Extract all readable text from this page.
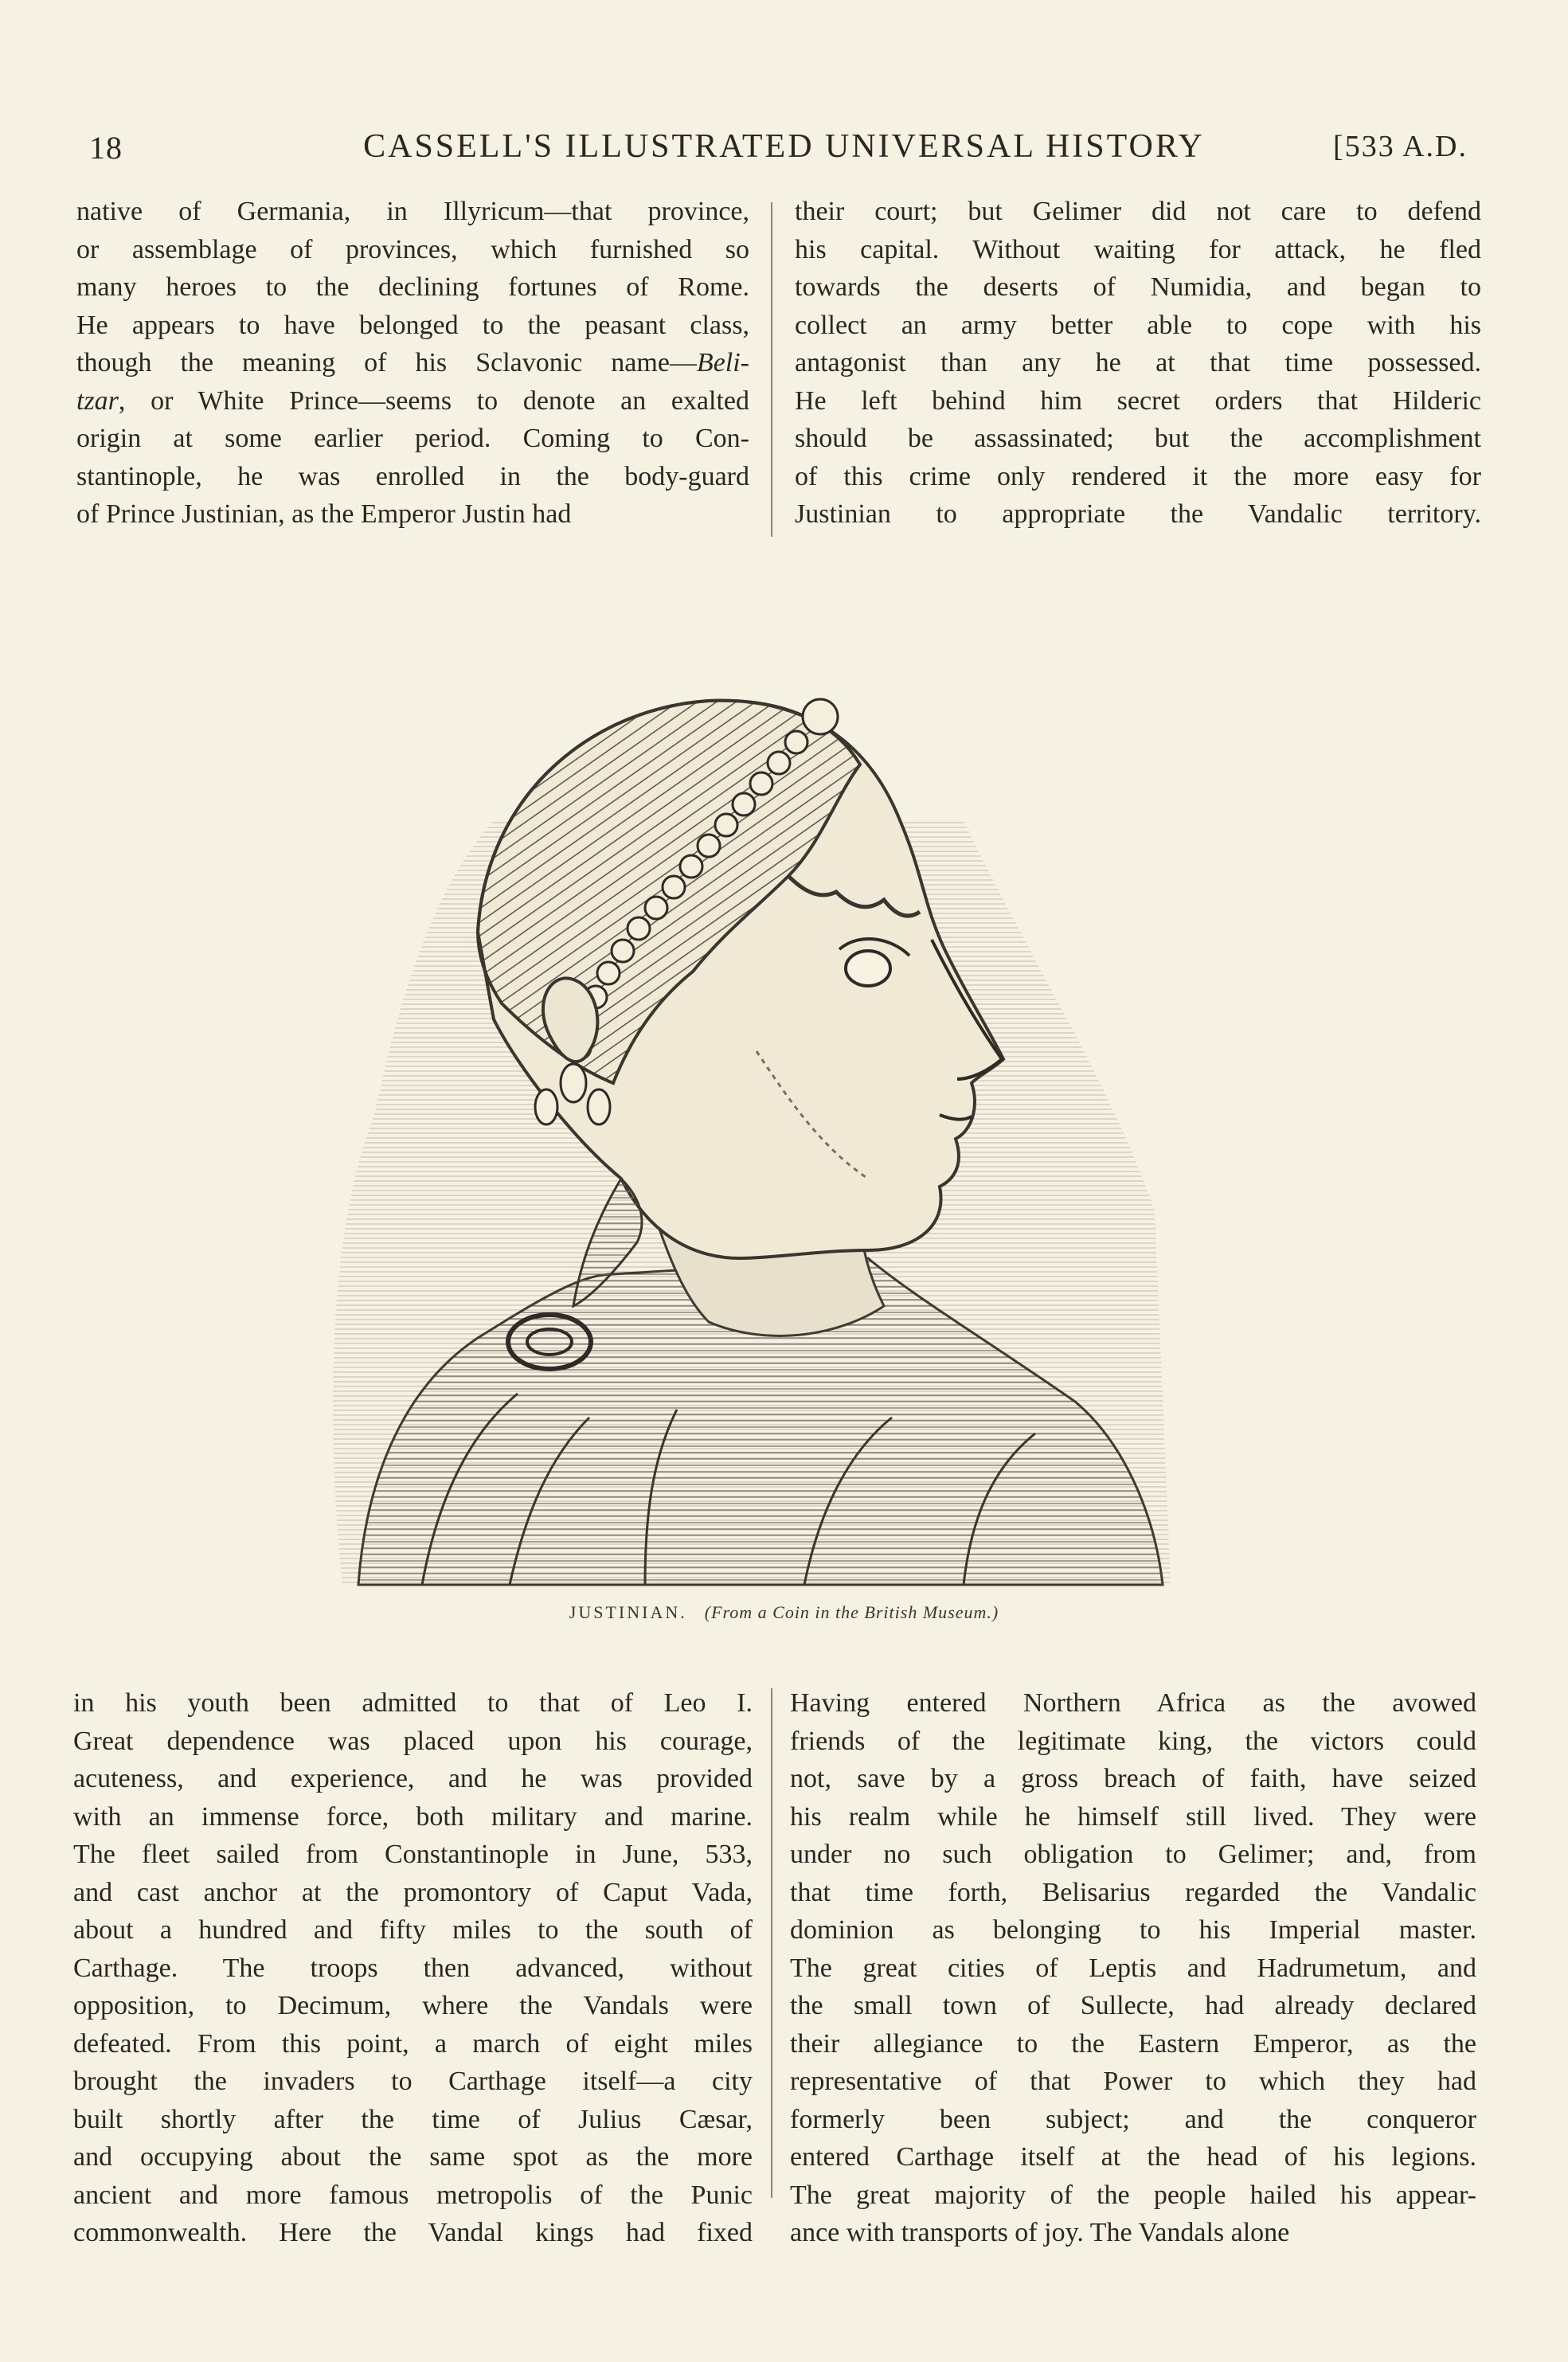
18	CASSELL'S ILLUSTRATED UNIVERSAL HISTORY	[533 A.D.
native of Germania, in Illyricum—that province,
or assemblage of provinces, which furnished so
many heroes to the declining fortunes of Rome.
He appears to have belonged to the peasant class,
though the meaning of his Sclavonic name—Beli-
tzar, or White Prince—seems to denote an exalted
origin at some earlier period. Coming to Con-
stantinople, he was enrolled in the body-guard
of Prince Justinian, as the Emperor Justin had
their court; but Gelimer did not care to defend
his capital. Without waiting for attack, he fled
towards the deserts of Numidia, and began to
collect an army better able to cope with his
antagonist than any he at that time possessed.
He left behind him secret orders that Hilderic
should be assassinated; but the accomplishment
of this crime only rendered it the more easy for
Justinian to appropriate the Vandalic territory.
JUSTINIAN. (From a Coin in the British Museum.)
in his youth been admitted to that of Leo I.
Great dependence was placed upon his courage,
acuteness, and experience, and he was provided
with an immense force, both military and marine.
The fleet sailed from Constantinople in June, 533,
and cast anchor at the promontory of Caput Vada,
about a hundred and fifty miles to the south of
Carthage. The troops then advanced, without
opposition, to Decimum, where the Vandals were
defeated. From this point, a march of eight miles
brought the invaders to Carthage itself—a city
built shortly after the time of Julius Cæsar,
and occupying about the same spot as the more
ancient and more famous metropolis of the Punic
commonwealth. Here the Vandal kings had fixed
Having entered Northern Africa as the avowed
friends of the legitimate king, the victors could
not, save by a gross breach of faith, have seized
his realm while he himself still lived. They were
under no such obligation to Gelimer; and, from
that time forth, Belisarius regarded the Vandalic
dominion as belonging to his Imperial master.
The great cities of Leptis and Hadrumetum, and
the small town of Sullecte, had already declared
their allegiance to the Eastern Emperor, as the
representative of that Power to which they had
formerly been subject; and the conqueror
entered Carthage itself at the head of his legions.
The great majority of the people hailed his appear-
ance with transports of joy. The Vandals alone
